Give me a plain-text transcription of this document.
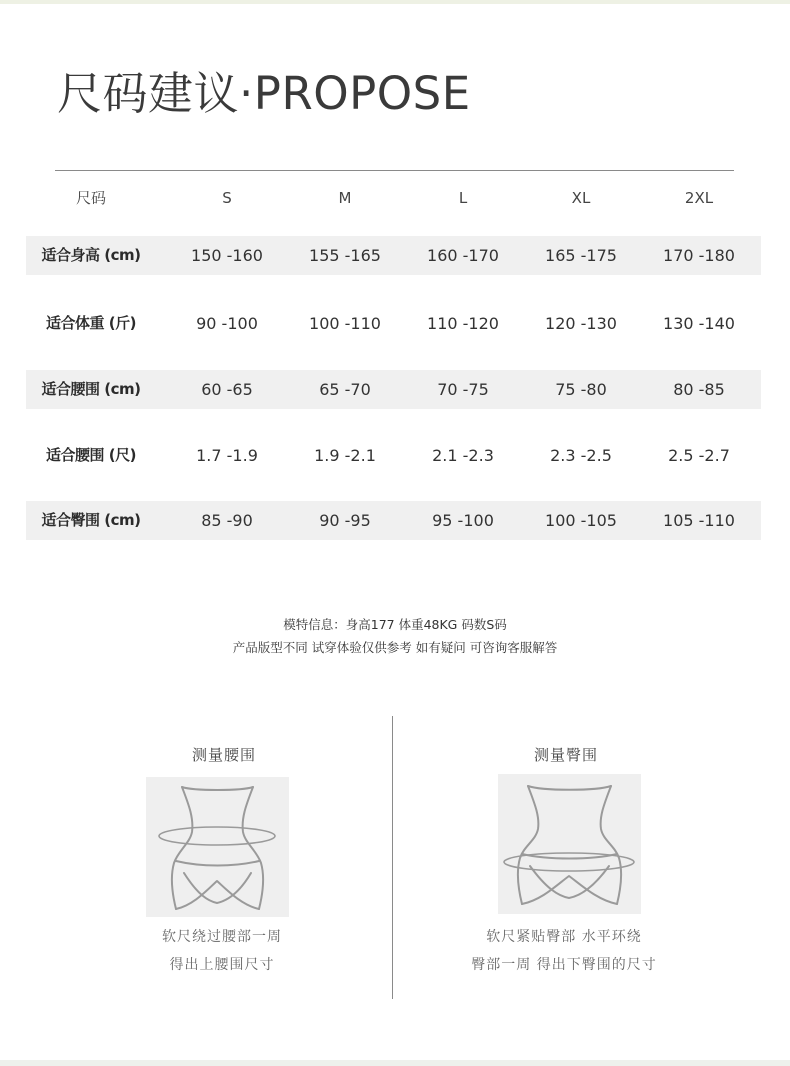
尺码建议·PROPOSE
尺码	S	M	L	XL	2XL
适合身高 (cm)	150 -160	155 -165	160 -170	165 -175	170 -180
适合体重 (斤)	90 -100	100 -110	110 -120	120 -130	130 -140
适合腰围 (cm)	60 -65	65 -70	70 -75	75 -80	80 -85
适合腰围 (尺)	1.7 -1.9	1.9 -2.1	2.1 -2.3	2.3 -2.5	2.5 -2.7
适合臀围 (cm)	85 -90	90 -95	95 -100	100 -105	105 -110
模特信息：身高177 体重48KG 码数S码
产品版型不同 试穿体验仅供参考 如有疑问 可咨询客服解答
测量腰围
软尺绕过腰部一周
得出上腰围尺寸
测量臀围
软尺紧贴臀部 水平环绕
臀部一周 得出下臀围的尺寸
